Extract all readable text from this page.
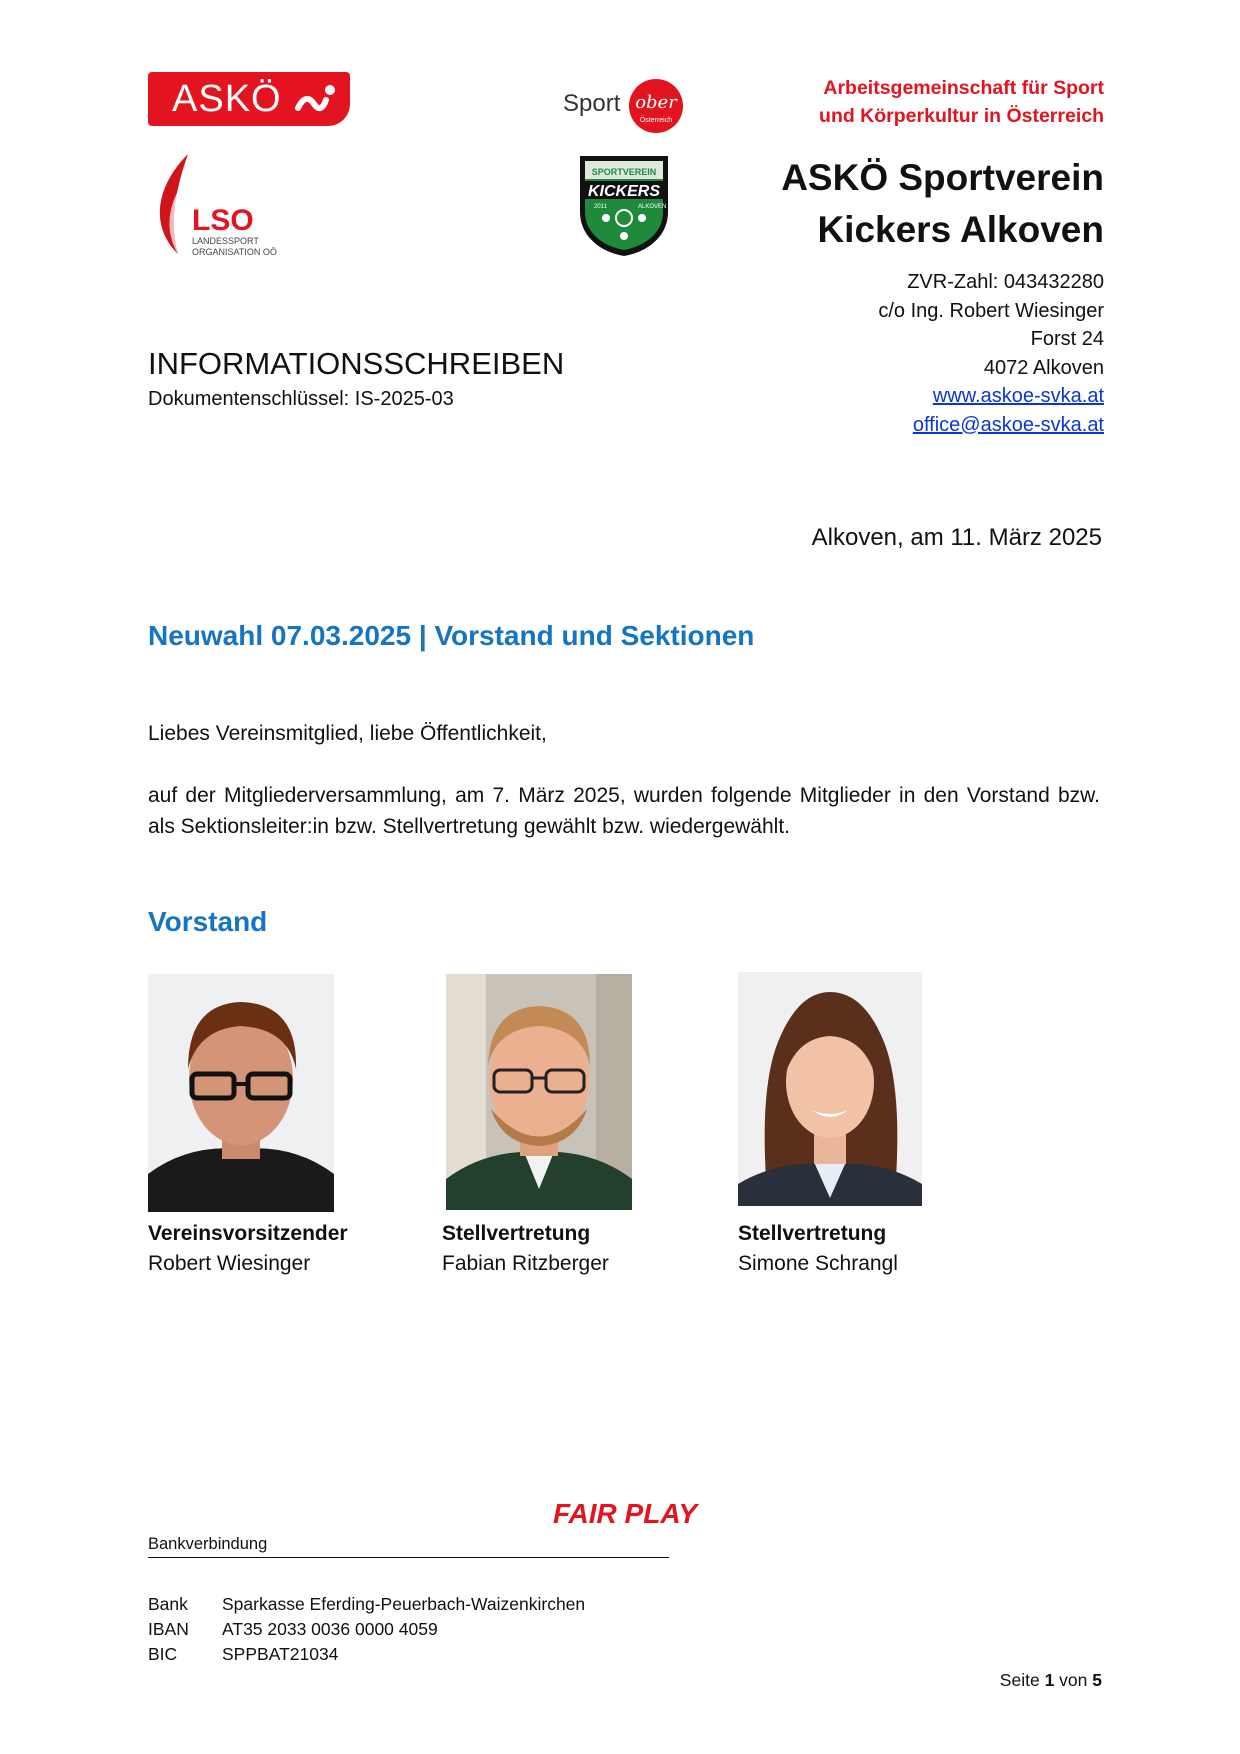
ASKÖ	Sport ober
Österreich
LSO
LANDESSPORT
ORGANISATION OÖ
SPORTVEREIN
KICKERS
2011	ALKOVEN
Arbeitsgemeinschaft für Sport
und Körperkultur in Österreich
ASKÖ Sportverein
Kickers Alkoven
ZVR-Zahl: 043432280
c/o Ing. Robert Wiesinger
Forst 24
4072 Alkoven
www.askoe-svka.at
office@askoe-svka.at
INFORMATIONSSCHREIBEN
Dokumentenschlüssel: IS-2025-03
Alkoven, am 11. März 2025
Neuwahl 07.03.2025 | Vorstand und Sektionen
Liebes Vereinsmitglied, liebe Öffentlichkeit,
auf der Mitgliederversammlung, am 7. März 2025, wurden folgende Mitglieder in den Vorstand bzw. als Sektionsleiter:in bzw. Stellvertretung gewählt bzw. wiedergewählt.
Vorstand
Vereinsvorsitzender
Robert Wiesinger
Stellvertretung
Fabian Ritzberger
Stellvertretung
Simone Schrangl
FAIR PLAY
Bankverbindung
Bank Sparkasse Eferding-Peuerbach-Waizenkirchen
IBAN AT35 2033 0036 0000 4059
BIC	SPPBAT21034
Seite 1 von 5
